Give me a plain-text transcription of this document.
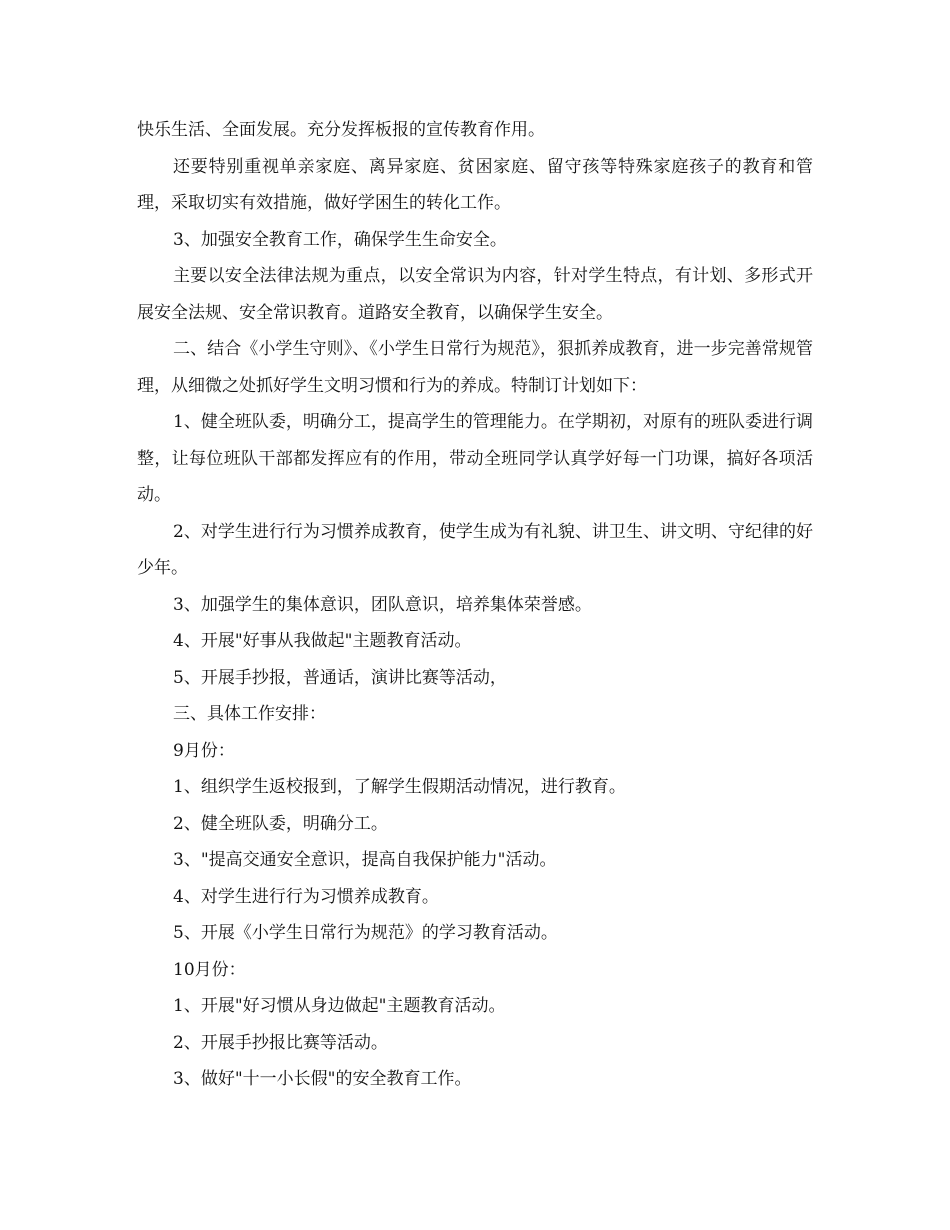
快乐生活、全面发展。充分发挥板报的宣传教育作用。

还要特别重视单亲家庭、离异家庭、贫困家庭、留守孩等特殊家庭孩子的教育和管理，采取切实有效措施，做好学困生的转化工作。

3、加强安全教育工作，确保学生生命安全。

主要以安全法律法规为重点，以安全常识为内容，针对学生特点，有计划、多形式开展安全法规、安全常识教育。道路安全教育，以确保学生安全。

二、结合《小学生守则》、《小学生日常行为规范》，狠抓养成教育，进一步完善常规管理，从细微之处抓好学生文明习惯和行为的养成。特制订计划如下：

1、健全班队委，明确分工，提高学生的管理能力。在学期初，对原有的班队委进行调整，让每位班队干部都发挥应有的作用，带动全班同学认真学好每一门功课，搞好各项活动。

2、对学生进行行为习惯养成教育，使学生成为有礼貌、讲卫生、讲文明、守纪律的好少年。

3、加强学生的集体意识，团队意识，培养集体荣誉感。

4、开展"好事从我做起"主题教育活动。

5、开展手抄报，普通话，演讲比赛等活动，

三、具体工作安排：

9月份：

1、组织学生返校报到，了解学生假期活动情况，进行教育。

2、健全班队委，明确分工。

3、"提高交通安全意识，提高自我保护能力"活动。

4、对学生进行行为习惯养成教育。

5、开展《小学生日常行为规范》的学习教育活动。

10月份：

1、开展"好习惯从身边做起"主题教育活动。

2、开展手抄报比赛等活动。

3、做好"十一小长假"的安全教育工作。
